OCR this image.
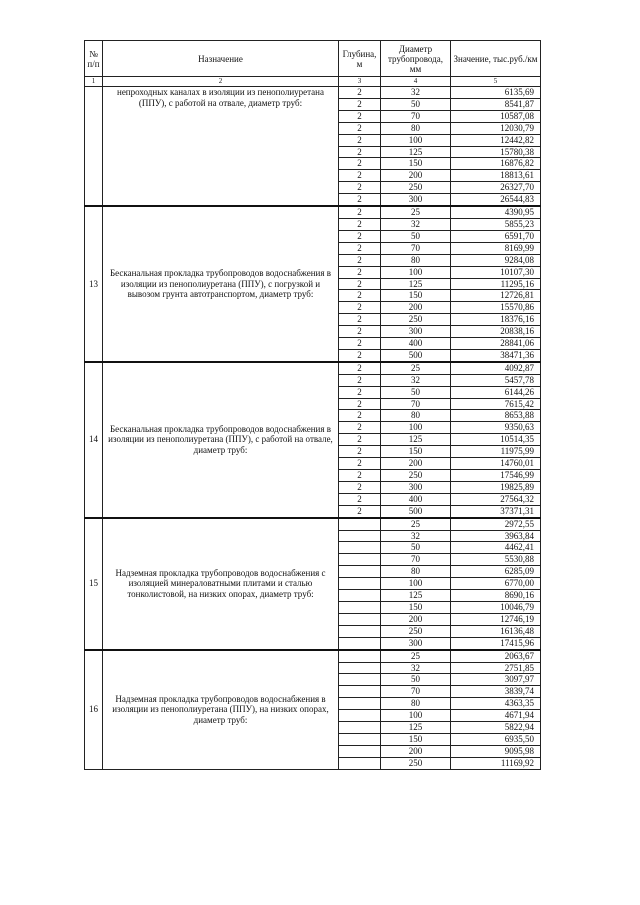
№ п/п	Назначение	Глубина, м	Диаметр трубопровода, мм	Значение, тыс.руб./км
1	2	3	4	5
	непроходных каналах в изоляции из пенополиуретана (ППУ), с работой на отвале, диаметр труб:	2	32	6135,69
		2	50	8541,87
		2	70	10587,08
		2	80	12030,79
		2	100	12442,82
		2	125	15780,38
		2	150	16876,82
		2	200	18813,61
		2	250	26327,70
		2	300	26544,83
13	Бесканальная прокладка трубопроводов водоснабжения в изоляции из пенополиуретана (ППУ), с погрузкой и вывозом грунта автотранспортом, диаметр труб:	2	25	4390,95
		2	32	5855,23
		2	50	6591,70
		2	70	8169,99
		2	80	9284,08
		2	100	10107,30
		2	125	11295,16
		2	150	12726,81
		2	200	15570,86
		2	250	18376,16
		2	300	20838,16
		2	400	28841,06
		2	500	38471,36
14	Бесканальная прокладка трубопроводов водоснабжения в изоляции из пенополиуретана (ППУ), с работой на отвале, диаметр труб:	2	25	4092,87
		2	32	5457,78
		2	50	6144,26
		2	70	7615,42
		2	80	8653,88
		2	100	9350,63
		2	125	10514,35
		2	150	11975,99
		2	200	14760,01
		2	250	17546,99
		2	300	19825,89
		2	400	27564,32
		2	500	37371,31
15	Надземная прокладка трубопроводов водоснабжения с изоляцией минераловатными плитами и сталью тонколистовой, на низких опорах, диаметр труб:		25	2972,55
			32	3963,84
			50	4462,41
			70	5530,88
			80	6285,09
			100	6770,00
			125	8690,16
			150	10046,79
			200	12746,19
			250	16136,48
			300	17415,96
16	Надземная прокладка трубопроводов водоснабжения в изоляции из пенополиуретана (ППУ), на низких опорах, диаметр труб:		25	2063,67
			32	2751,85
			50	3097,97
			70	3839,74
			80	4363,35
			100	4671,94
			125	5822,94
			150	6935,50
			200	9095,98
			250	11169,92
